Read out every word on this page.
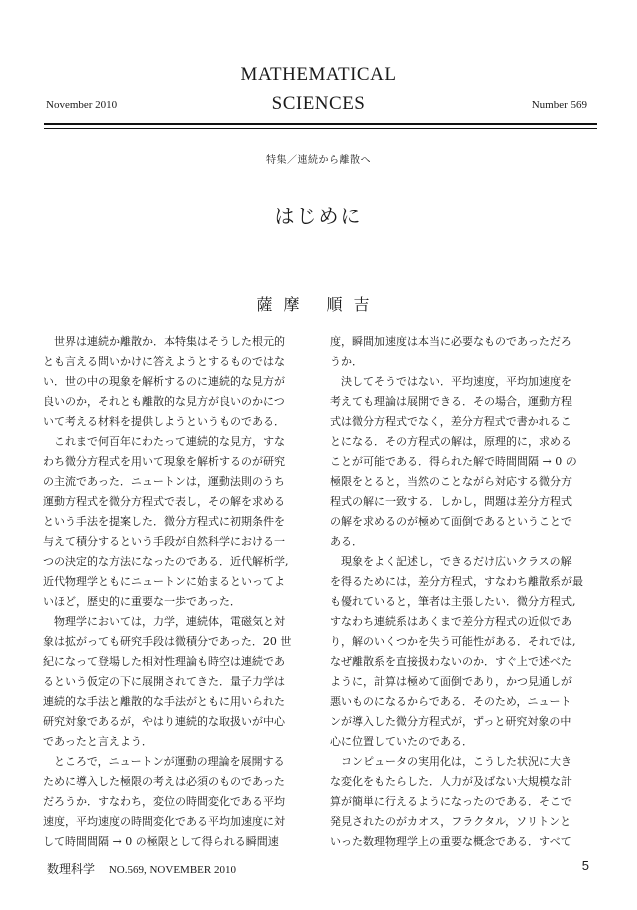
MATHEMATICAL
SCIENCES
November 2010	Number 569
特集／連続から離散へ
はじめに
薩摩 順吉

　世界は連続か離散か．本特集はそうした根元的

とも言える問いかけに答えようとするものではな

い．世の中の現象を解析するのに連続的な見方が

良いのか，それとも離散的な見方が良いのかにつ

いて考える材料を提供しようというものである．

　これまで何百年にわたって連続的な見方，すな

わち微分方程式を用いて現象を解析するのが研究

の主流であった．ニュートンは，運動法則のうち

運動方程式を微分方程式で表し，その解を求める

という手法を提案した．微分方程式に初期条件を

与えて積分するという手段が自然科学における一

つの決定的な方法になったのである．近代解析学,

近代物理学ともにニュートンに始まるといってよ

いほど，歴史的に重要な一歩であった．

　物理学においては，力学，連続体，電磁気と対

象は拡がっても研究手段は微積分であった．20 世

紀になって登場した相対性理論も時空は連続であ

るという仮定の下に展開されてきた．量子力学は

連続的な手法と離散的な手法がともに用いられた

研究対象であるが，やはり連続的な取扱いが中心

であったと言えよう．

　ところで，ニュートンが運動の理論を展開する

ために導入した極限の考えは必須のものであった

だろうか．すなわち，変位の時間変化である平均

速度，平均速度の時間変化である平均加速度に対

して時間間隔 → 0 の極限として得られる瞬間速

度，瞬間加速度は本当に必要なものであっただろ

うか．

　決してそうではない．平均速度，平均加速度を

考えても理論は展開できる．その場合，運動方程

式は微分方程式でなく，差分方程式で書かれるこ

とになる．その方程式の解は，原理的に，求める

ことが可能である．得られた解で時間間隔 → 0 の

極限をとると，当然のことながら対応する微分方

程式の解に一致する．しかし，問題は差分方程式

の解を求めるのが極めて面倒であるということで

ある．

　現象をよく記述し，できるだけ広いクラスの解

を得るためには，差分方程式，すなわち離散系が最

も優れていると，筆者は主張したい．微分方程式,

すなわち連続系はあくまで差分方程式の近似であ

り，解のいくつかを失う可能性がある．それでは,

なぜ離散系を直接扱わないのか．すぐ上で述べた

ように，計算は極めて面倒であり，かつ見通しが

悪いものになるからである．そのため，ニュート

ンが導入した微分方程式が，ずっと研究対象の中

心に位置していたのである．

　コンピュータの実用化は，こうした状況に大き

な変化をもたらした．人力が及ばない大規模な計

算が簡単に行えるようになったのである．そこで

発見されたのがカオス，フラクタル，ソリトンと

いった数理物理学上の重要な概念である．すべて

数理科学 NO.569, NOVEMBER 2010	5
